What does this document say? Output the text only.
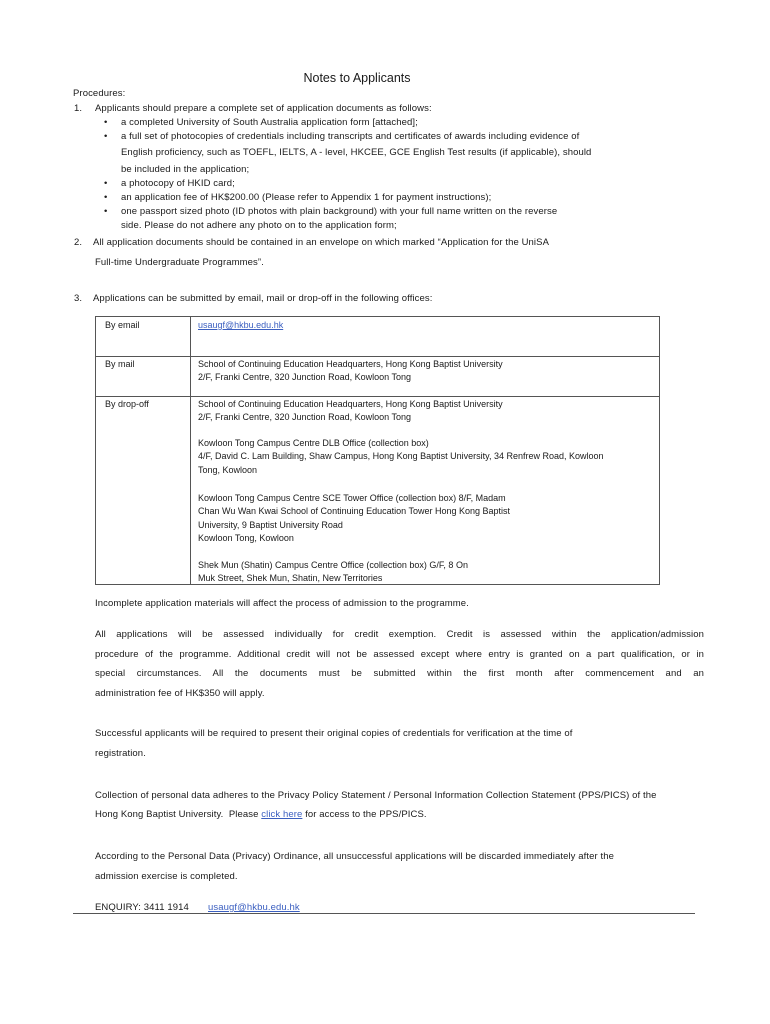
Notes to Applicants
Procedures:
1. Applicants should prepare a complete set of application documents as follows:
• a completed University of South Australia application form [attached];
• a full set of photocopies of credentials including transcripts and certificates of awards including evidence of
English proficiency, such as TOEFL, IELTS, A - level, HKCEE, GCE English Test results (if applicable), should
be included in the application;
• a photocopy of HKID card;
• an application fee of HK$200.00 (Please refer to Appendix 1 for payment instructions);
• one passport sized photo (ID photos with plain background) with your full name written on the reverse
side. Please do not adhere any photo on to the application form;
2. All application documents should be contained in an envelope on which marked “Application for the UniSA
Full-time Undergraduate Programmes”.
3. Applications can be submitted by email, mail or drop-off in the following offices:
By email	usaugf@hkbu.edu.hk
By mail	School of Continuing Education Headquarters, Hong Kong Baptist University
2/F, Franki Centre, 320 Junction Road, Kowloon Tong
By drop-off	School of Continuing Education Headquarters, Hong Kong Baptist University
2/F, Franki Centre, 320 Junction Road, Kowloon Tong
Kowloon Tong Campus Centre DLB Office (collection box)
4/F, David C. Lam Building, Shaw Campus, Hong Kong Baptist University, 34 Renfrew Road, Kowloon
Tong, Kowloon
Kowloon Tong Campus Centre SCE Tower Office (collection box) 8/F, Madam
Chan Wu Wan Kwai School of Continuing Education Tower Hong Kong Baptist
University, 9 Baptist University Road
Kowloon Tong, Kowloon
Shek Mun (Shatin) Campus Centre Office (collection box) G/F, 8 On
Muk Street, Shek Mun, Shatin, New Territories
Incomplete application materials will affect the process of admission to the programme.
All applications will be assessed individually for credit exemption. Credit is assessed within the application/admission
procedure of the programme. Additional credit will not be assessed except where entry is granted on a part qualification, or in
special circumstances. All the documents must be submitted within the first month after commencement and an
administration fee of HK$350 will apply.
Successful applicants will be required to present their original copies of credentials for verification at the time of
registration.
Collection of personal data adheres to the Privacy Policy Statement / Personal Information Collection Statement (PPS/PICS) of the
Hong Kong Baptist University.  Please click here for access to the PPS/PICS.
According to the Personal Data (Privacy) Ordinance, all unsuccessful applications will be discarded immediately after the
admission exercise is completed.
ENQUIRY: 3411 1914 usaugf@hkbu.edu.hk
